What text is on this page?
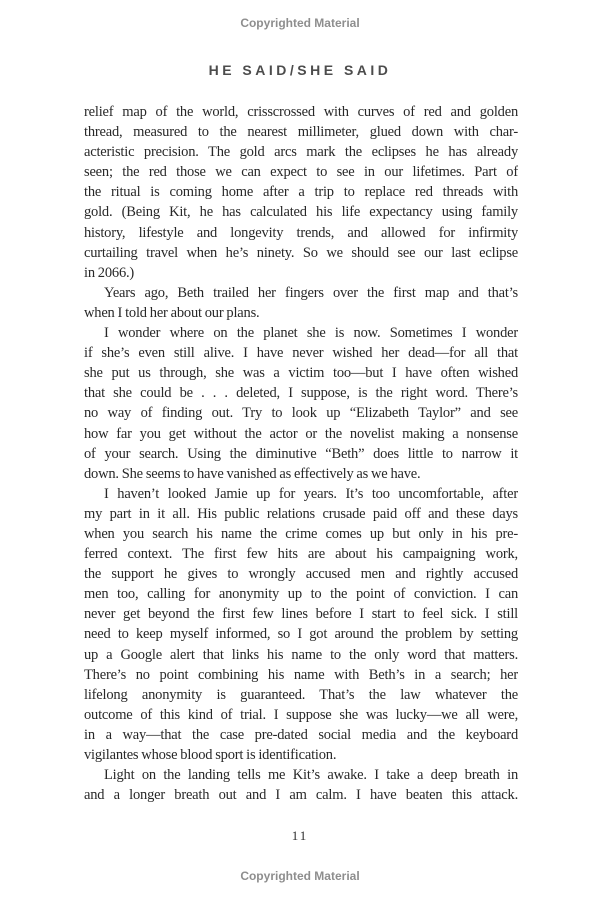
Copyrighted Material
HE SAID/SHE SAID
relief map of the world, crisscrossed with curves of red and golden
thread, measured to the nearest millimeter, glued down with char-
acteristic precision. The gold arcs mark the eclipses he has already
seen; the red those we can expect to see in our lifetimes. Part of
the ritual is coming home after a trip to replace red threads with
gold. (Being Kit, he has calculated his life expectancy using family
history, lifestyle and longevity trends, and allowed for infirmity
curtailing travel when he’s ninety. So we should see our last eclipse
in 2066.)
Years ago, Beth trailed her fingers over the first map and that’s
when I told her about our plans.
I wonder where on the planet she is now. Sometimes I wonder
if she’s even still alive. I have never wished her dead—for all that
she put us through, she was a victim too—but I have often wished
that she could be . . . deleted, I suppose, is the right word. There’s
no way of finding out. Try to look up “Elizabeth Taylor” and see
how far you get without the actor or the novelist making a nonsense
of your search. Using the diminutive “Beth” does little to narrow it
down. She seems to have vanished as effectively as we have.
I haven’t looked Jamie up for years. It’s too uncomfortable, after
my part in it all. His public relations crusade paid off and these days
when you search his name the crime comes up but only in his pre-
ferred context. The first few hits are about his campaigning work,
the support he gives to wrongly accused men and rightly accused
men too, calling for anonymity up to the point of conviction. I can
never get beyond the first few lines before I start to feel sick. I still
need to keep myself informed, so I got around the problem by setting
up a Google alert that links his name to the only word that matters.
There’s no point combining his name with Beth’s in a search; her
lifelong anonymity is guaranteed. That’s the law whatever the
outcome of this kind of trial. I suppose she was lucky—we all were,
in a way—that the case pre-dated social media and the keyboard
vigilantes whose blood sport is identification.
Light on the landing tells me Kit’s awake. I take a deep breath in
and a longer breath out and I am calm. I have beaten this attack.
11
Copyrighted Material
